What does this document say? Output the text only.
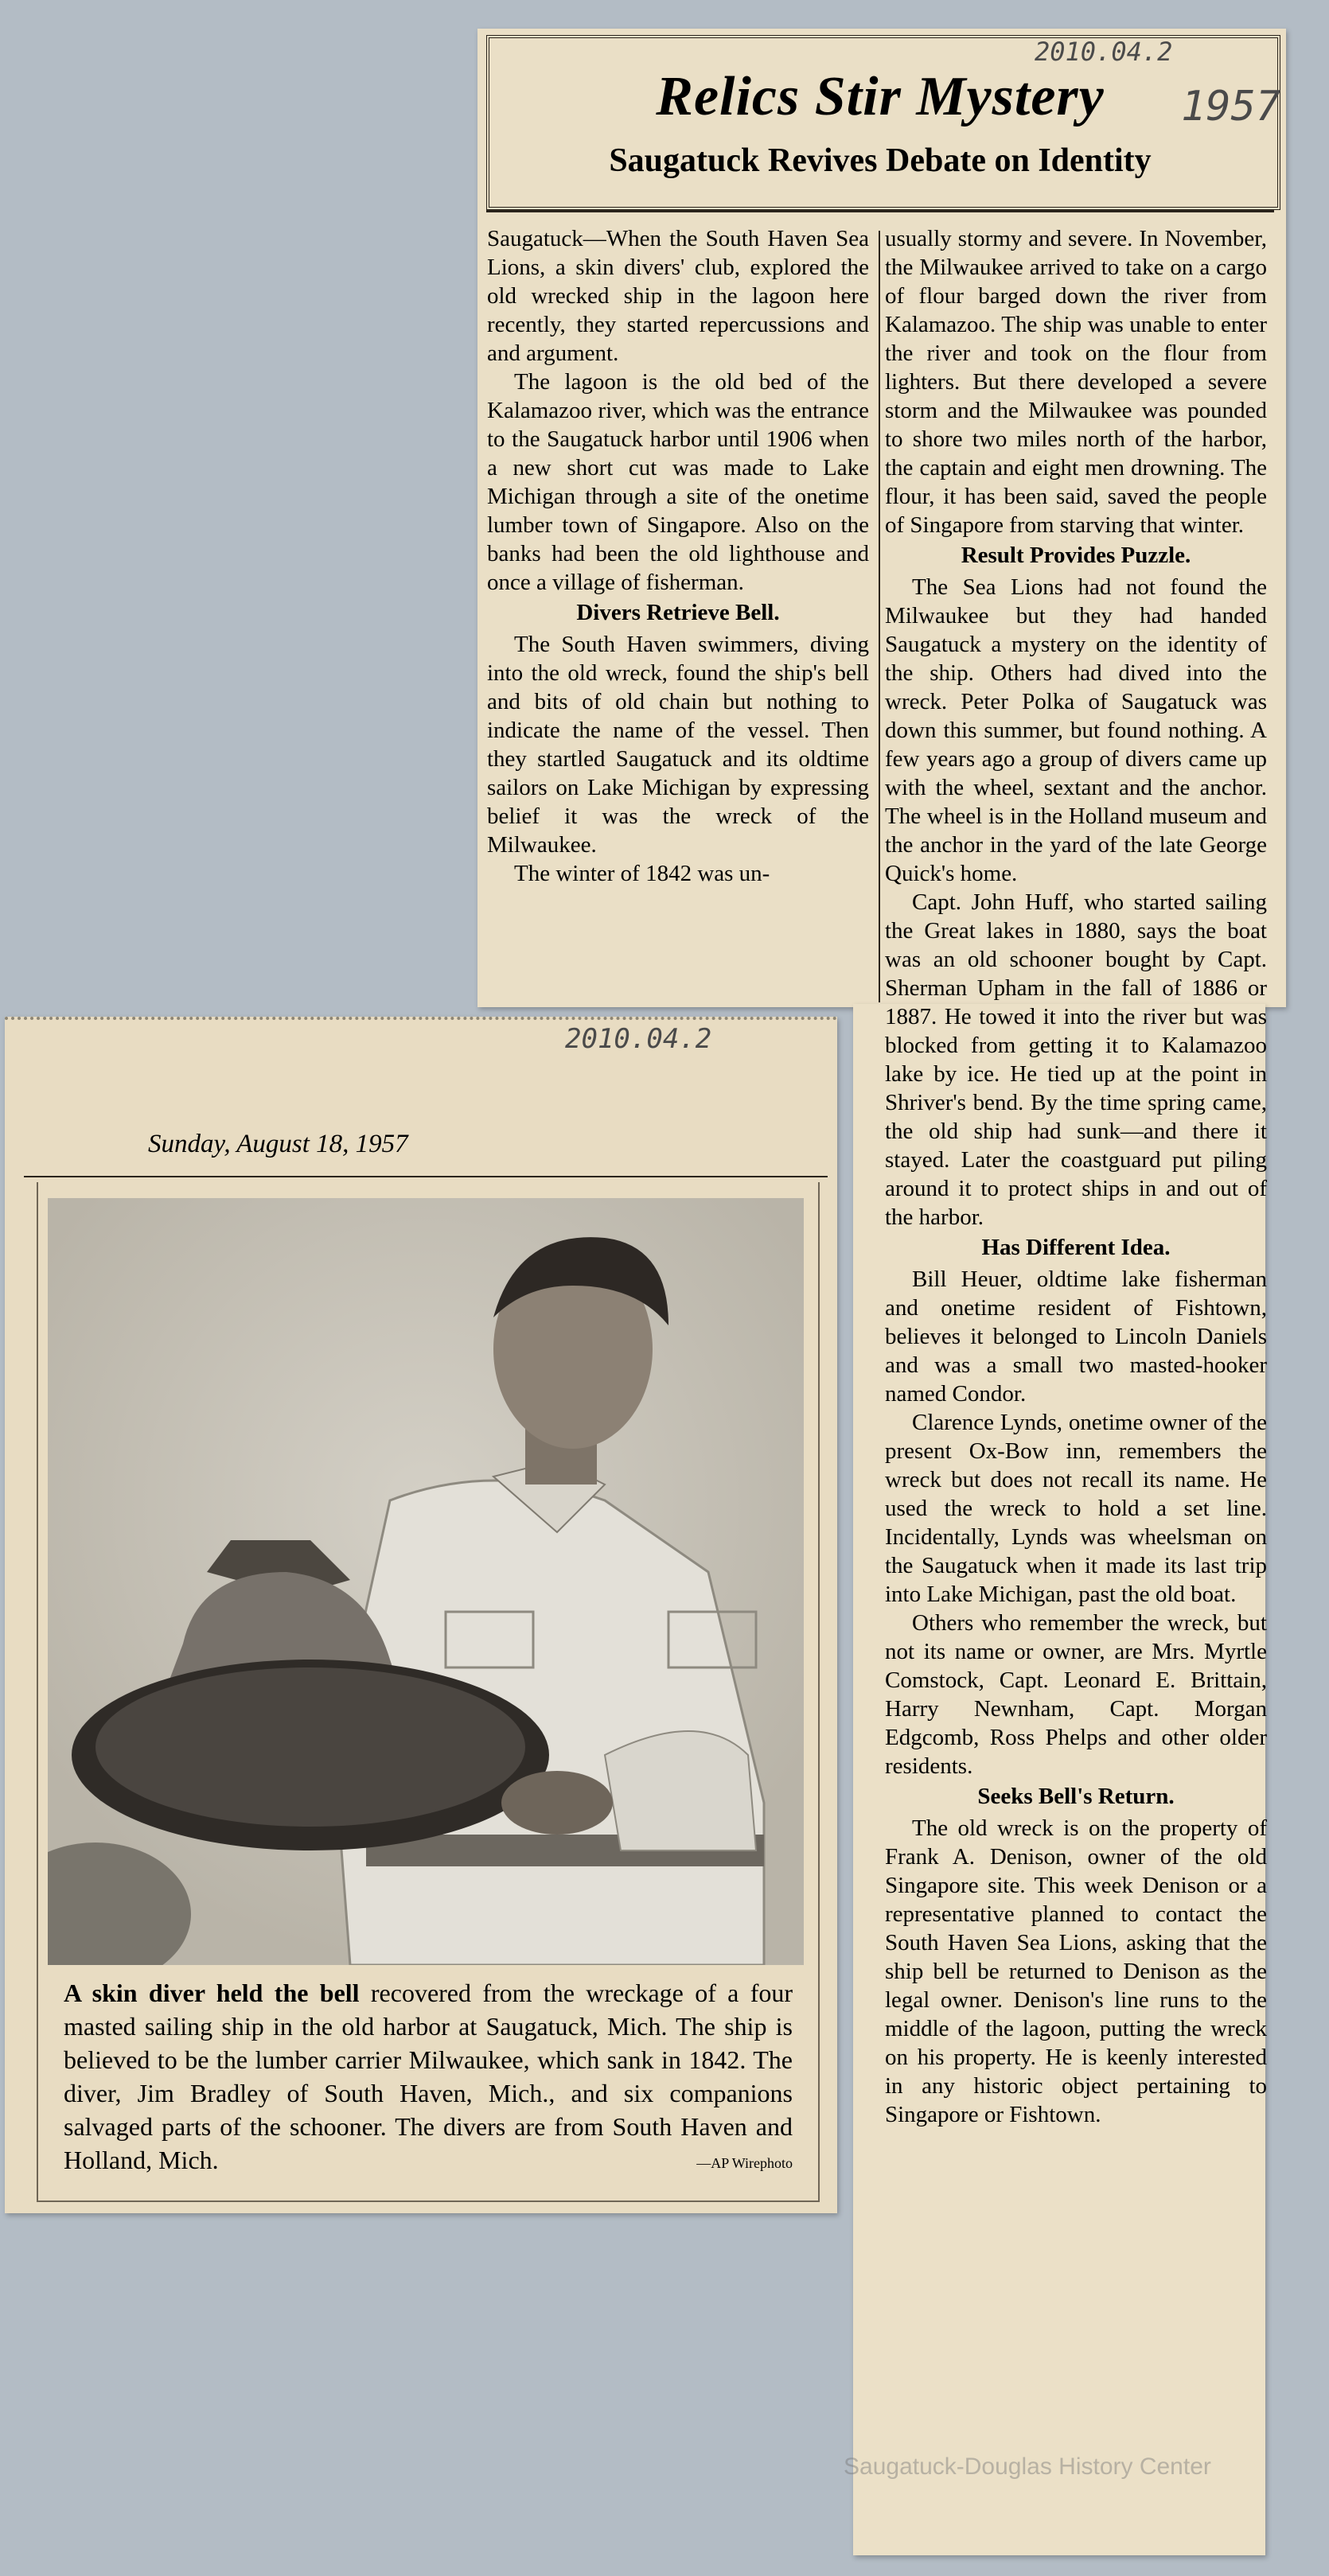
Relics Stir Mystery
Saugatuck Revives Debate on Identity
2010.04.2
1957

Saugatuck—When the South Haven Sea Lions, a skin divers' club, explored the old wrecked ship in the lagoon here recently, they started repercussions and and argument.

The lagoon is the old bed of the Kalamazoo river, which was the entrance to the Saugatuck harbor until 1906 when a new short cut was made to Lake Michigan through a site of the onetime lumber town of Singapore. Also on the banks had been the old lighthouse and once a village of fisherman.

Divers Retrieve Bell.

The South Haven swimmers, diving into the old wreck, found the ship's bell and bits of old chain but nothing to indicate the name of the vessel. Then they startled Saugatuck and its oldtime sailors on Lake Michigan by expressing belief it was the wreck of the Milwaukee.

The winter of 1842 was un-

usually stormy and severe. In November, the Milwaukee arrived to take on a cargo of flour barged down the river from Kalamazoo. The ship was unable to enter the river and took on the flour from lighters. But there developed a severe storm and the Milwaukee was pounded to shore two miles north of the harbor, the captain and eight men drowning. The flour, it has been said, saved the people of Singapore from starving that winter.

Result Provides Puzzle.

The Sea Lions had not found the Milwaukee but they had handed Saugatuck a mystery on the identity of the ship. Others had dived into the wreck. Peter Polka of Saugatuck was down this summer, but found nothing. A few years ago a group of divers came up with the wheel, sextant and the anchor. The wheel is in the Holland museum and the anchor in the yard of the late George Quick's home.

Capt. John Huff, who started sailing the Great lakes in 1880, says the boat was an old schooner bought by Capt. Sherman Upham in the fall of 1886 or 1887. He towed it into the river but was blocked from getting it to Kalamazoo lake by ice. He tied up at the point in Shriver's bend. By the time spring came, the old ship had sunk—and there it stayed. Later the coastguard put piling around it to protect ships in and out of the harbor.

Has Different Idea.

Bill Heuer, oldtime lake fisherman and onetime resident of Fishtown, believes it belonged to Lincoln Daniels and was a small two masted-hooker named Condor.

Clarence Lynds, onetime owner of the present Ox-Bow inn, remembers the wreck but does not recall its name. He used the wreck to hold a set line. Incidentally, Lynds was wheelsman on the Saugatuck when it made its last trip into Lake Michigan, past the old boat.

Others who remember the wreck, but not its name or owner, are Mrs. Myrtle Comstock, Capt. Leonard E. Brittain, Harry Newnham, Capt. Morgan Edgcomb, Ross Phelps and other older residents.

Seeks Bell's Return.

The old wreck is on the property of Frank A. Denison, owner of the old Singapore site. This week Denison or a representative planned to contact the South Haven Sea Lions, asking that the ship bell be returned to Denison as the legal owner. Denison's line runs to the middle of the lagoon, putting the wreck on his property. He is keenly interested in any historic object pertaining to Singapore or Fishtown.

2010.04.2
Sunday, August 18, 1957
A skin diver held the bell recovered from the wreckage of a four masted sailing ship in the old harbor at Saugatuck, Mich. The ship is believed to be the lumber carrier Milwaukee, which sank in 1842. The diver, Jim Bradley of South Haven, Mich., and six companions salvaged parts of the schooner. The divers are from South Haven and Holland, Mich.	—AP Wirephoto
Saugatuck-Douglas History Center
